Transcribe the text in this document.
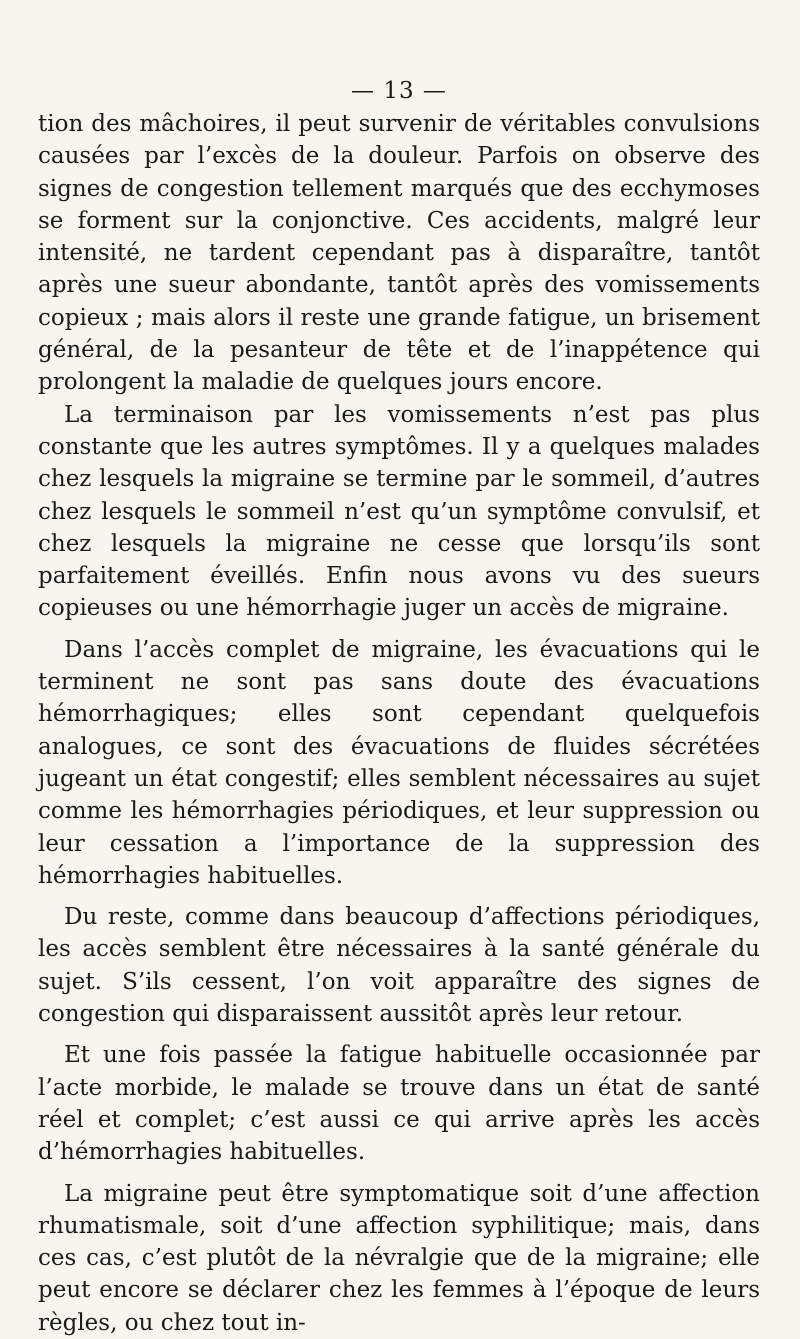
— 13 —

tion des mâchoires, il peut survenir de véritables convulsions causées par l’excès de la douleur. Parfois on observe des signes de congestion tellement marqués que des ecchymoses se forment sur la conjonctive. Ces accidents, malgré leur intensité, ne tardent cependant pas à disparaître, tantôt après une sueur abondante, tantôt après des vomissements copieux ; mais alors il reste une grande fatigue, un brisement général, de la pesanteur de tête et de l’inappétence qui prolongent la maladie de quelques jours encore.

La terminaison par les vomissements n’est pas plus constante que les autres symptômes. Il y a quelques malades chez lesquels la migraine se termine par le sommeil, d’autres chez lesquels le sommeil n’est qu’un symptôme convulsif, et chez lesquels la migraine ne cesse que lorsqu’ils sont parfaitement éveillés. Enfin nous avons vu des sueurs copieuses ou une hémorrhagie juger un accès de migraine.

Dans l’accès complet de migraine, les évacuations qui le terminent ne sont pas sans doute des évacuations hémorrhagiques; elles sont cependant quelquefois analogues, ce sont des évacuations de fluides sécrétées jugeant un état congestif; elles semblent nécessaires au sujet comme les hémorrhagies périodiques, et leur suppression ou leur cessation a l’importance de la suppression des hémorrhagies habituelles.

Du reste, comme dans beaucoup d’affections périodiques, les accès semblent être nécessaires à la santé générale du sujet. S’ils cessent, l’on voit apparaître des signes de congestion qui disparaissent aussitôt après leur retour.

Et une fois passée la fatigue habituelle occasionnée par l’acte morbide, le malade se trouve dans un état de santé réel et complet; c’est aussi ce qui arrive après les accès d’hémorrhagies habituelles.

La migraine peut être symptomatique soit d’une affection rhumatismale, soit d’une affection syphilitique; mais, dans ces cas, c’est plutôt de la névralgie que de la migraine; elle peut encore se déclarer chez les femmes à l’époque de leurs règles, ou chez tout in-
